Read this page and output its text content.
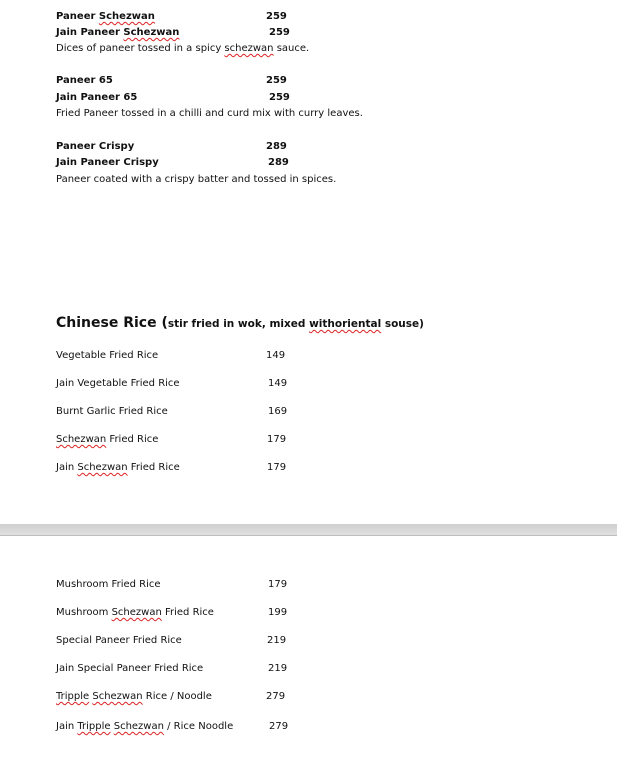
Paneer Schezwan	259
Jain Paneer Schezwan	259
Dices of paneer tossed in a spicy schezwan sauce.
Paneer 65	259
Jain Paneer 65	259
Fried Paneer tossed in a chilli and curd mix with curry leaves.
Paneer Crispy	289
Jain Paneer Crispy	289
Paneer coated with a crispy batter and tossed in spices.
Chinese Rice (stir fried in wok, mixed withoriental souse)
Vegetable Fried Rice	149
Jain Vegetable Fried Rice	149
Burnt Garlic Fried Rice	169
Schezwan Fried Rice	179
Jain Schezwan Fried Rice	179
Mushroom Fried Rice	179
Mushroom Schezwan Fried Rice	199
Special Paneer Fried Rice	219
Jain Special Paneer Fried Rice	219
Tripple Schezwan Rice / Noodle	279
Jain Tripple Schezwan / Rice Noodle	279
